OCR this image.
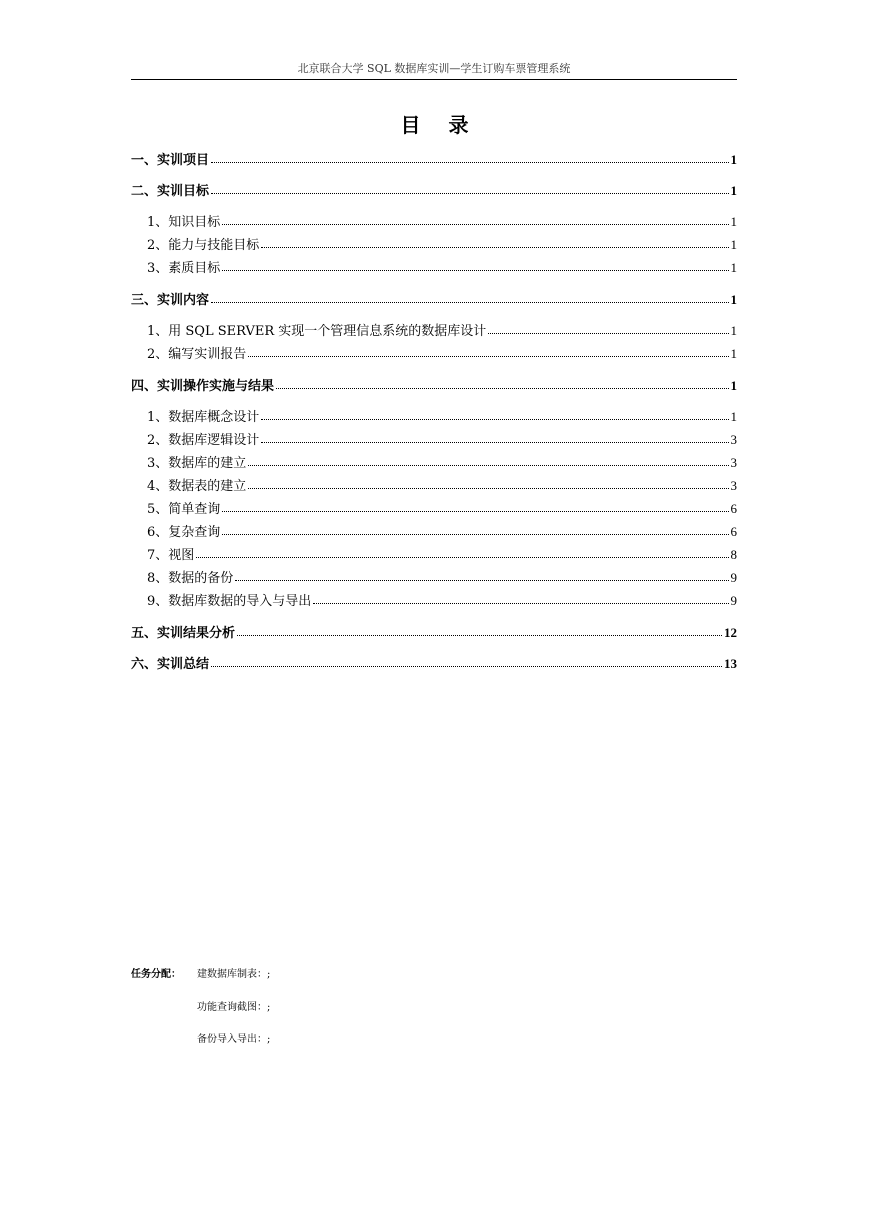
北京联合大学 SQL 数据库实训—学生订购车票管理系统
目录
一、实训项目	1
二、实训目标	1
1、知识目标	1
2、能力与技能目标	1
3、素质目标	1
三、实训内容	1
1、用 SQL SERVER 实现一个管理信息系统的数据库设计	1
2、编写实训报告	1
四、实训操作实施与结果	1
1、数据库概念设计	1
2、数据库逻辑设计	3
3、数据库的建立	3
4、数据表的建立	3
5、简单查询	6
6、复杂查询	6
7、视图	8
8、数据的备份	9
9、数据库数据的导入与导出	9
五、实训结果分析	12
六、实训总结	13
任务分配： 建数据库制表：;
功能查询截图：;
备份导入导出：;
